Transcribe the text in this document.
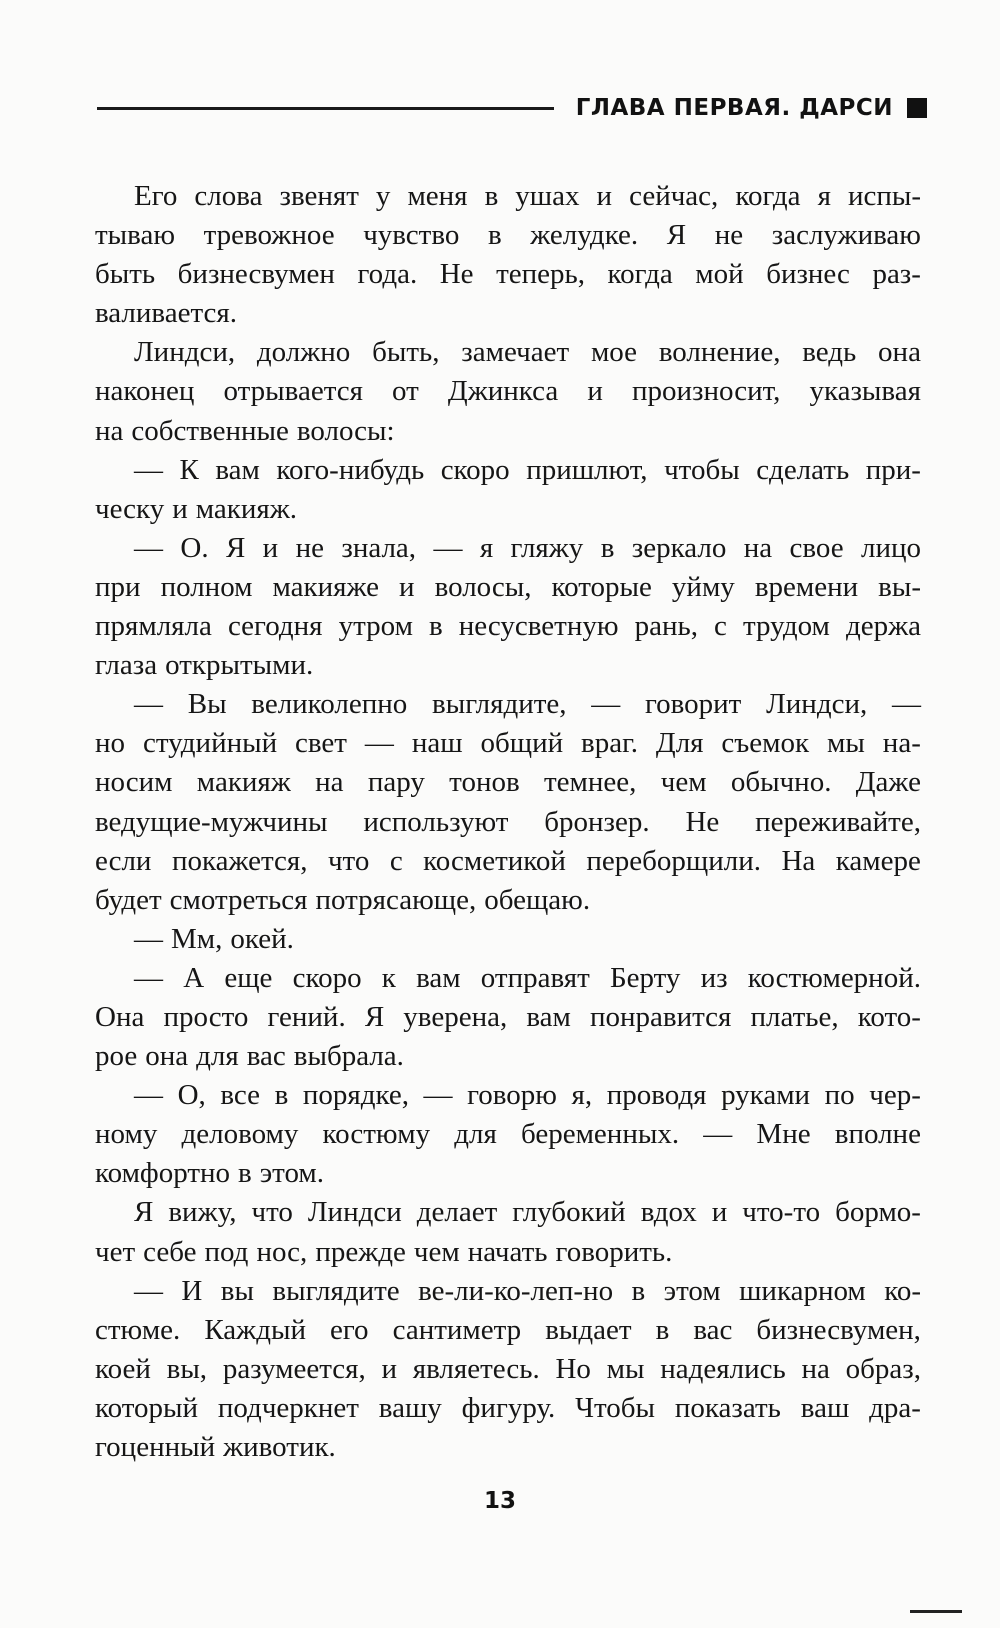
ГЛАВА ПЕРВАЯ. ДАРСИ
Его слова звенят у меня в ушах и сейчас, когда я испы-
тываю тревожное чувство в желудке. Я не заслуживаю
быть бизнесвумен года. Не теперь, когда мой бизнес раз-
валивается.
Линдси, должно быть, замечает мое волнение, ведь она
наконец отрывается от Джинкса и произносит, указывая
на собственные волосы:
— К вам кого-нибудь скоро пришлют, чтобы сделать при-
ческу и макияж.
— О. Я и не знала, — я гляжу в зеркало на свое лицо
при полном макияже и волосы, которые уйму времени вы-
прямляла сегодня утром в несусветную рань, с трудом держа
глаза открытыми.
— Вы великолепно выглядите, — говорит Линдси, —
но студийный свет — наш общий враг. Для съемок мы на-
носим макияж на пару тонов темнее, чем обычно. Даже
ведущие-мужчины используют бронзер. Не переживайте,
если покажется, что с косметикой переборщили. На камере
будет смотреться потрясающе, обещаю.
— Мм, окей.
— А еще скоро к вам отправят Берту из костюмерной.
Она просто гений. Я уверена, вам понравится платье, кото-
рое она для вас выбрала.
— О, все в порядке, — говорю я, проводя руками по чер-
ному деловому костюму для беременных. — Мне вполне
комфортно в этом.
Я вижу, что Линдси делает глубокий вдох и что-то бормо-
чет себе под нос, прежде чем начать говорить.
— И вы выглядите ве-ли-ко-леп-но в этом шикарном ко-
стюме. Каждый его сантиметр выдает в вас бизнесвумен,
коей вы, разумеется, и являетесь. Но мы надеялись на образ,
который подчеркнет вашу фигуру. Чтобы показать ваш дра-
гоценный животик.
13
